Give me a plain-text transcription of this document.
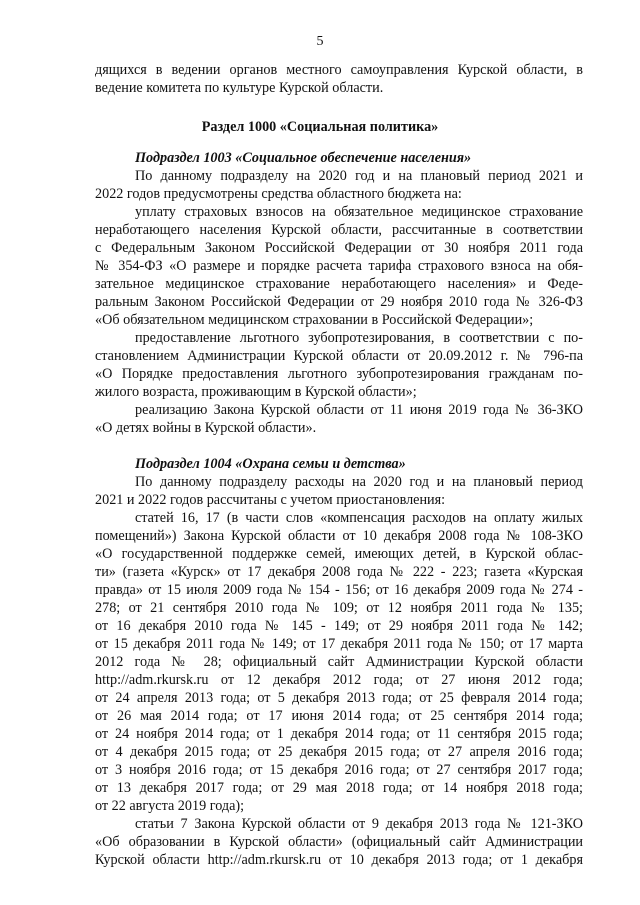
5
дящихся в ведении органов местного самоуправления Курской области, в
ведение комитета по культуре Курской области.
Раздел 1000 «Социальная политика»
Подраздел 1003 «Социальное обеспечение населения»
По данному подразделу на 2020 год и на плановый период 2021 и
2022 годов предусмотрены средства областного бюджета на:
уплату страховых взносов на обязательное медицинское страхование
неработающего населения Курской области, рассчитанные в соответствии
с Федеральным Законом Российской Федерации от 30 ноября 2011 года
№ 354-ФЗ «О размере и порядке расчета тарифа страхового взноса на обя-
зательное медицинское страхование неработающего населения» и Феде-
ральным Законом Российской Федерации от 29 ноября 2010 года № 326-ФЗ
«Об обязательном медицинском страховании в Российской Федерации»;
предоставление льготного зубопротезирования, в соответствии с по-
становлением Администрации Курской области от 20.09.2012 г. № 796-па
«О Порядке предоставления льготного зубопротезирования гражданам по-
жилого возраста, проживающим в Курской области»;
реализацию Закона Курской области от 11 июня 2019 года № 36-ЗКО
«О детях войны в Курской области».
Подраздел 1004 «Охрана семьи и детства»
По данному подразделу расходы на 2020 год и на плановый период
2021 и 2022 годов рассчитаны с учетом приостановления:
статей 16, 17 (в части слов «компенсация расходов на оплату жилых
помещений») Закона Курской области от 10 декабря 2008 года № 108-ЗКО
«О государственной поддержке семей, имеющих детей, в Курской облас-
ти» (газета «Курск» от 17 декабря 2008 года № 222 - 223; газета «Курская
правда» от 15 июля 2009 года № 154 - 156; от 16 декабря 2009 года № 274 -
278; от 21 сентября 2010 года № 109; от 12 ноября 2011 года № 135;
от 16 декабря 2010 года № 145 - 149; от 29 ноября 2011 года № 142;
от 15 декабря 2011 года № 149; от 17 декабря 2011 года № 150; от 17 марта
2012 года № 28; официальный сайт Администрации Курской области
http://adm.rkursk.ru от 12 декабря 2012 года; от 27 июня 2012 года;
от 24 апреля 2013 года; от 5 декабря 2013 года; от 25 февраля 2014 года;
от 26 мая 2014 года; от 17 июня 2014 года; от 25 сентября 2014 года;
от 24 ноября 2014 года; от 1 декабря 2014 года; от 11 сентября 2015 года;
от 4 декабря 2015 года; от 25 декабря 2015 года; от 27 апреля 2016 года;
от 3 ноября 2016 года; от 15 декабря 2016 года; от 27 сентября 2017 года;
от 13 декабря 2017 года; от 29 мая 2018 года; от 14 ноября 2018 года;
от 22 августа 2019 года);
статьи 7 Закона Курской области от 9 декабря 2013 года № 121-ЗКО
«Об образовании в Курской области» (официальный сайт Администрации
Курской области http://adm.rkursk.ru от 10 декабря 2013 года; от 1 декабря
